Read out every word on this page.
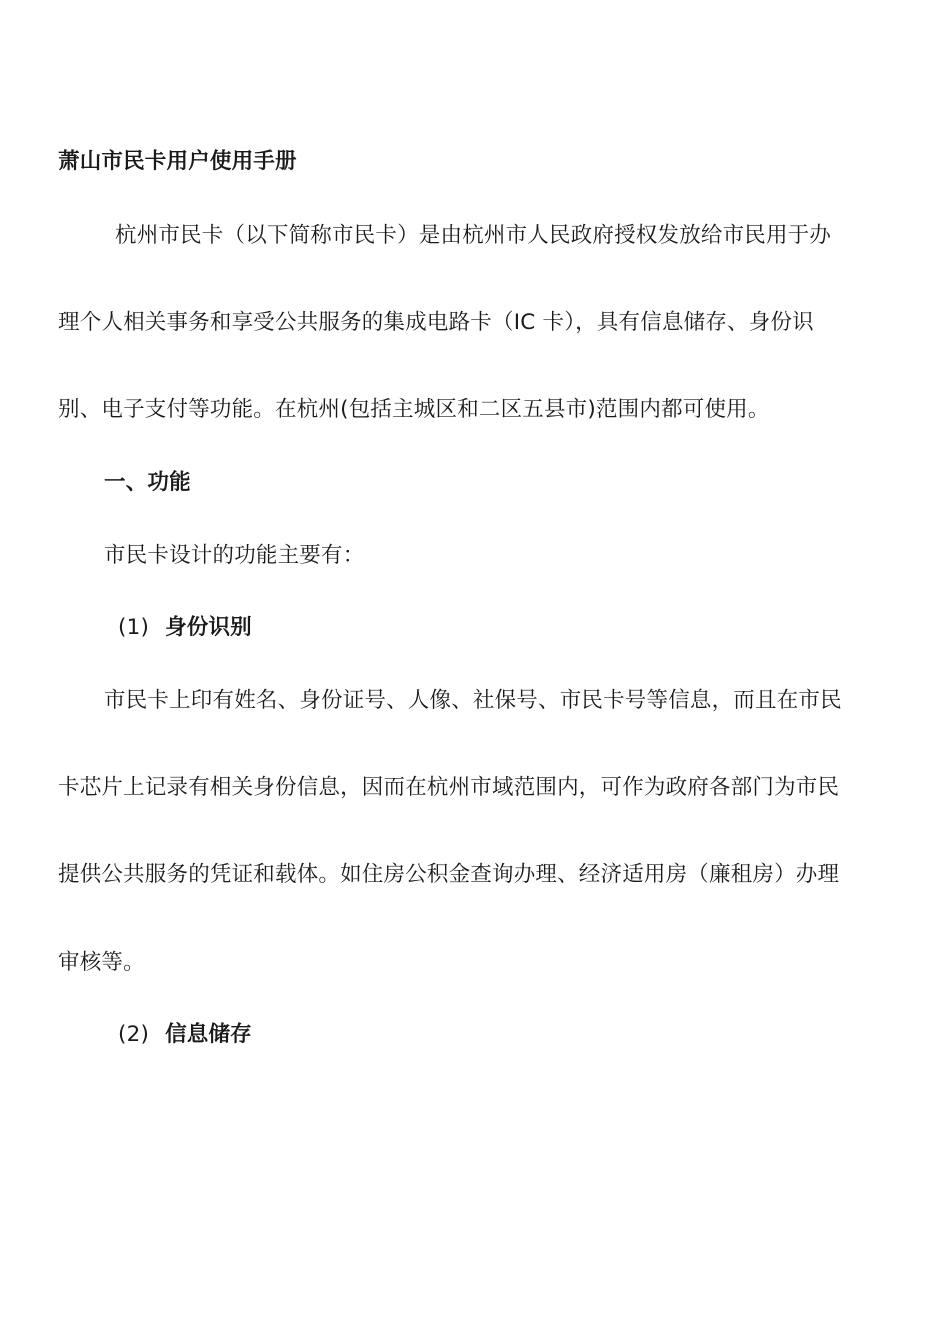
萧山市民卡用户使用手册
杭州市民卡（以下简称市民卡）是由杭州市人民政府授权发放给市民用于办
理个人相关事务和享受公共服务的集成电路卡（IC 卡），具有信息储存、身份识
别、电子支付等功能。在杭州(包括主城区和二区五县市)范围内都可使用。
一、功能
市民卡设计的功能主要有：
(1) 身份识别
市民卡上印有姓名、身份证号、人像、社保号、市民卡号等信息，而且在市民
卡芯片上记录有相关身份信息，因而在杭州市域范围内，可作为政府各部门为市民
提供公共服务的凭证和载体。如住房公积金查询办理、经济适用房（廉租房）办理
审核等。
(2) 信息储存
